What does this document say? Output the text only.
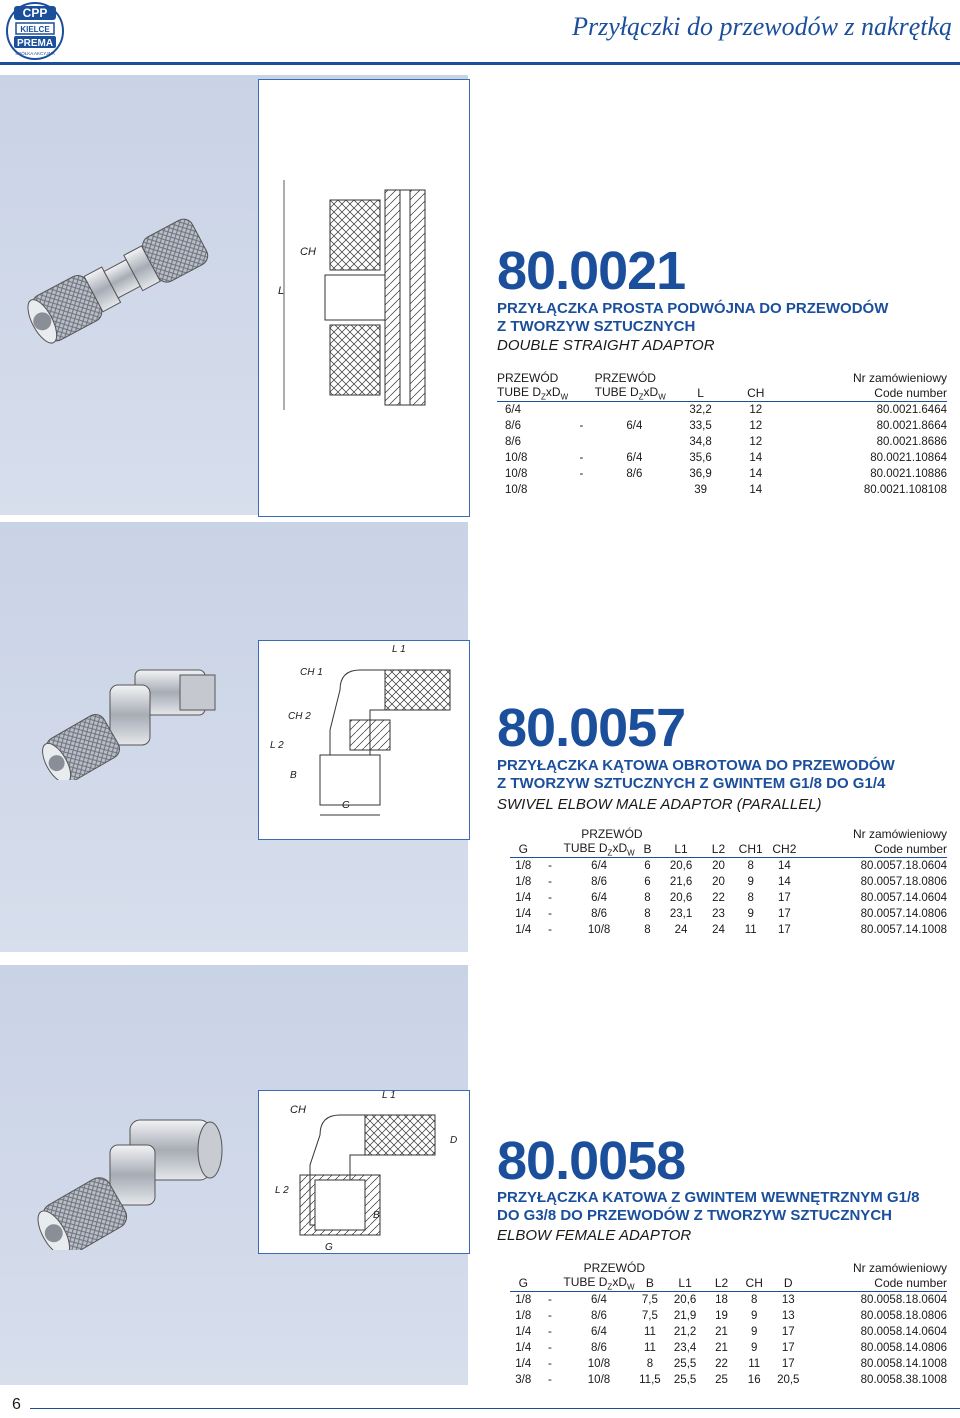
CPP
KIELCE
PREMA
SPÓŁKA AKCYJNA
Przyłączki do przewodów z nakrętką
L
CH	80.0021
PRZYŁĄCZKA PROSTA PODWÓJNA DO PRZEWODÓW
Z TWORZYW SZTUCZNYCH
DOUBLE STRAIGHT ADAPTOR
PRZEWÓD		PRZEWÓD			Nr zamówieniowy
TUBE $D_ZxD_W$		TUBE $D_ZxD_W$	L	CH	Code number

6/4			32,2	12	80.0021.6464
8/6	-	6/4	33,5	12	80.0021.8664
8/6			34,8	12	80.0021.8686
10/8	-	6/4	35,6	14	80.0021.10864
10/8	-	8/6	36,9	14	80.0021.10886
10/8			39	14	80.0021.108108
L 1
CH 1
CH 2
L 2
B
G
80.0057
PRZYŁĄCZKA KĄTOWA OBROTOWA DO PRZEWODÓW
Z TWORZYW SZTUCZNYCH Z GWINTEM G1/8 DO G1/4
SWIVEL ELBOW MALE ADAPTOR (PARALLEL)
		PRZEWÓD						Nr zamówieniowy
G		TUBE $D_ZxD_W$	B	L1	L2	CH1	CH2	Code number

1/8	-	6/4	6	20,6	20	8	14	80.0057.18.0604
1/8	-	8/6	6	21,6	20	9	14	80.0057.18.0806
1/4	-	6/4	8	20,6	22	8	17	80.0057.14.0604
1/4	-	8/6	8	23,1	23	9	17	80.0057.14.0806
1/4	-	10/8	8	24	24	11	17	80.0057.14.1008
L 1
CH
D
L 2
B
G
80.0058
PRZYŁĄCZKA KATOWA Z GWINTEM WEWNĘTRZNYM G1/8
DO G3/8 DO PRZEWODÓW Z TWORZYW SZTUCZNYCH
ELBOW FEMALE ADAPTOR
		PRZEWÓD						Nr zamówieniowy
G		TUBE $D_ZxD_W$	B	L1	L2	CH	D	Code number

1/8	-	6/4	7,5	20,6	18	8	13	80.0058.18.0604
1/8	-	8/6	7,5	21,9	19	9	13	80.0058.18.0806
1/4	-	6/4	11	21,2	21	9	17	80.0058.14.0604
1/4	-	8/6	11	23,4	21	9	17	80.0058.14.0806
1/4	-	10/8	8	25,5	22	11	17	80.0058.14.1008
3/8	-	10/8	11,5	25,5	25	16	20,5	80.0058.38.1008
6
